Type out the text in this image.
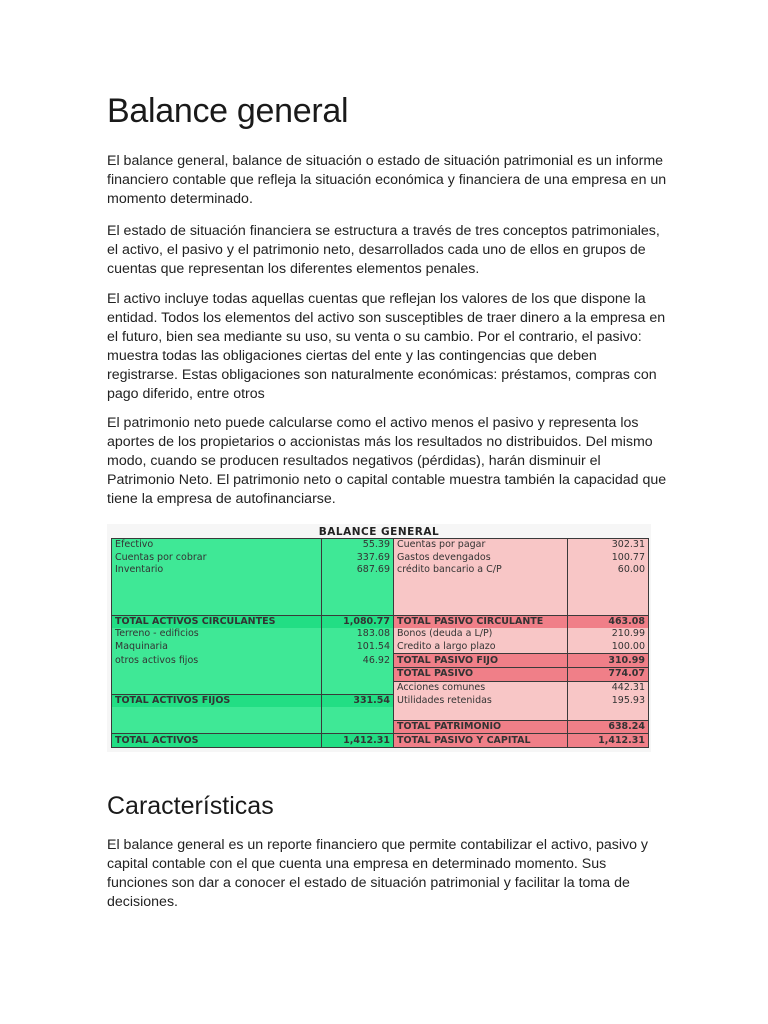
Balance general

El balance general, balance de situación o estado de situación patrimonial es un informe financiero contable que refleja la situación económica y financiera de una empresa en un momento determinado.

El estado de situación financiera se estructura a través de tres conceptos patrimoniales, el activo, el pasivo y el patrimonio neto, desarrollados cada uno de ellos en grupos de cuentas que representan los diferentes elementos penales.

El activo incluye todas aquellas cuentas que reflejan los valores de los que dispone la entidad. Todos los elementos del activo son susceptibles de traer dinero a la empresa en el futuro, bien sea mediante su uso, su venta o su cambio. Por el contrario, el pasivo: muestra todas las obligaciones ciertas del ente y las contingencias que deben registrarse. Estas obligaciones son naturalmente económicas: préstamos, compras con pago diferido, entre otros

El patrimonio neto puede calcularse como el activo menos el pasivo y representa los aportes de los propietarios o accionistas más los resultados no distribuidos. Del mismo modo, cuando se producen resultados negativos (pérdidas), harán disminuir el Patrimonio Neto. El patrimonio neto o capital contable muestra también la capacidad que tiene la empresa de autofinanciarse.

BALANCE GENERAL
Efectivo	55.39	Cuentas por pagar	302.31
Cuentas por cobrar	337.69	Gastos devengados	100.77
Inventario	687.69	crédito bancario a C/P	60.00

TOTAL ACTIVOS CIRCULANTES	1,080.77	TOTAL PASIVO CIRCULANTE	463.08
Terreno - edificios	183.08	Bonos (deuda a L/P)	210.99
Maquinaria	101.54	Credito a largo plazo	100.00
otros activos fijos	46.92	TOTAL PASIVO FIJO	310.99
		TOTAL PASIVO	774.07
		Acciones comunes	442.31
TOTAL ACTIVOS FIJOS	331.54	Utilidades retenidas	195.93

		TOTAL PATRIMONIO	638.24
TOTAL ACTIVOS	1,412.31	TOTAL PASIVO Y CAPITAL	1,412.31
Características

El balance general es un reporte financiero que permite contabilizar el activo, pasivo y capital contable con el que cuenta una empresa en determinado momento. Sus funciones son dar a conocer el estado de situación patrimonial y facilitar la toma de decisiones.
